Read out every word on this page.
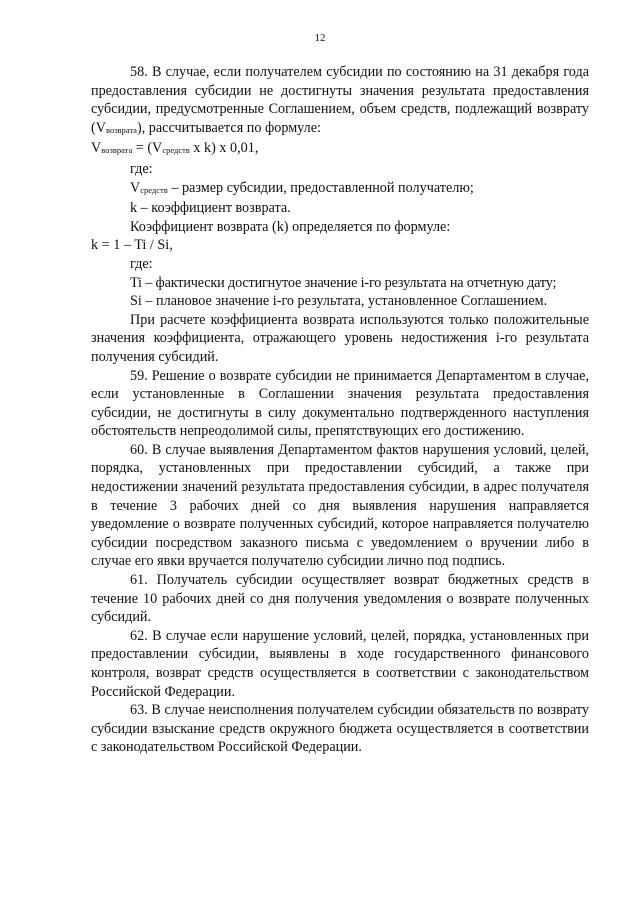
12

58. В случае, если получателем субсидии по состоянию на 31 декабря года предоставления субсидии не достигнуты значения результата предоставления субсидии, предусмотренные Соглашением, объем средств, подлежащий возврату (Vвозврата), рассчитывается по формуле:

Vвозврата = (Vсредств x k) x 0,01,

где:

Vсредств – размер субсидии, предоставленной получателю;

k – коэффициент возврата.

Коэффициент возврата (k) определяется по формуле:

k = 1 – Ti / Si,

где:

Ti – фактически достигнутое значение i-го результата на отчетную дату;

Si – плановое значение i-го результата, установленное Соглашением.

При расчете коэффициента возврата используются только положительные значения коэффициента, отражающего уровень недостижения i-го результата получения субсидий.

59. Решение о возврате субсидии не принимается Департаментом в случае, если установленные в Соглашении значения результата предоставления субсидии, не достигнуты в силу документально подтвержденного наступления обстоятельств непреодолимой силы, препятствующих его достижению.

60. В случае выявления Департаментом фактов нарушения условий, целей, порядка, установленных при предоставлении субсидий, а также при недостижении значений результата предоставления субсидии, в адрес получателя в течение 3 рабочих дней со дня выявления нарушения направляется уведомление о возврате полученных субсидий, которое направляется получателю субсидии посредством заказного письма с уведомлением о вручении либо в случае его явки вручается получателю субсидии лично под подпись.

61. Получатель субсидии осуществляет возврат бюджетных средств в течение 10 рабочих дней со дня получения уведомления о возврате полученных субсидий.

62. В случае если нарушение условий, целей, порядка, установленных при предоставлении субсидии, выявлены в ходе государственного финансового контроля, возврат средств осуществляется в соответствии с законодательством Российской Федерации.

63. В случае неисполнения получателем субсидии обязательств по возврату субсидии взыскание средств окружного бюджета осуществляется в соответствии с законодательством Российской Федерации.
